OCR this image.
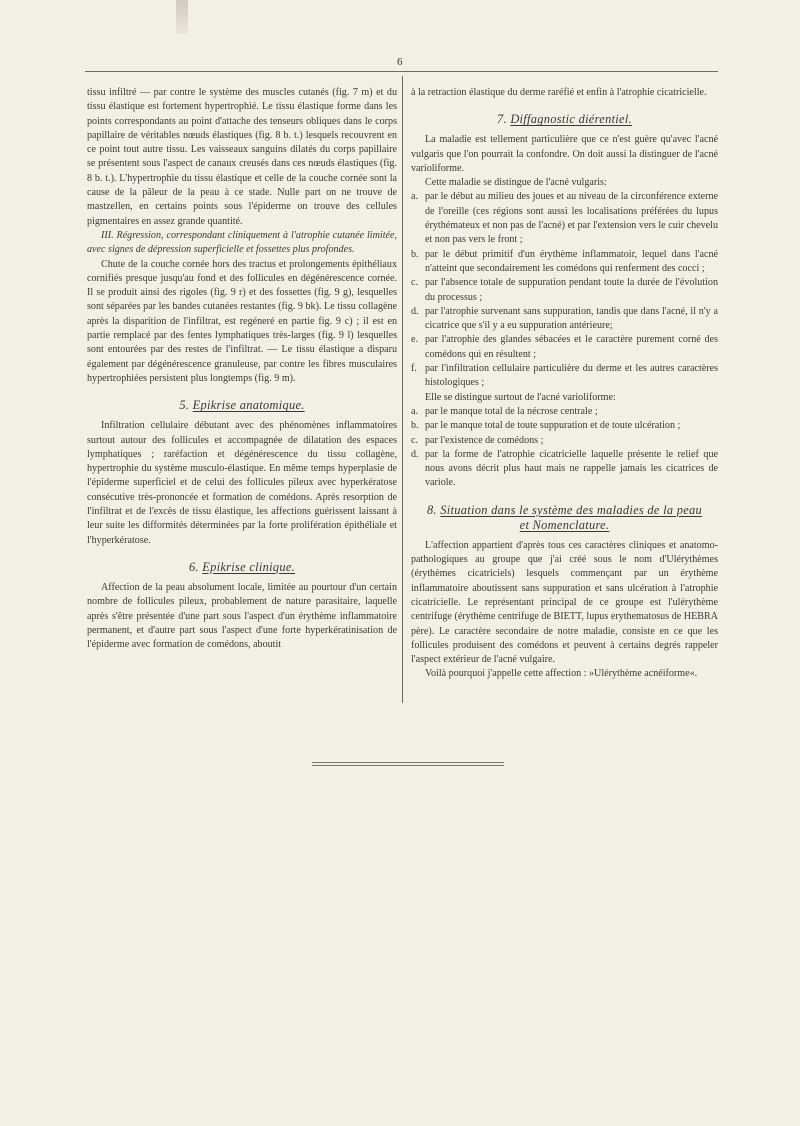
6

tissu infiltré — par contre le système des muscles cutanés (fig. 7 m) et du tissu élastique est fortement hypertrophié. Le tissu élastique forme dans les points correspondants au point d'attache des tenseurs obliques dans le corps papillaire de véritables nœuds élastiques (fig. 8 b. t.) lesquels recouvrent en ce point tout autre tissu. Les vaisseaux sanguins dilatés du corps papillaire se présentent sous l'aspect de canaux creusés dans ces nœuds élastiques (fig. 8 b. t.). L'hypertrophie du tissu élastique et celle de la couche cornée sont la cause de la pâleur de la peau à ce stade. Nulle part on ne trouve de mastzellen, en certains points sous l'épiderme on trouve des cellules pigmentaires en assez grande quantité.

III. Régression, correspondant cliniquement à l'atrophie cutanée limitée, avec signes de dépression superficielle et fossettes plus profondes.

Chute de la couche cornée hors des tractus et prolongements épithéliaux cornifiés presque jusqu'au fond et des follicules en dégénérescence cornée. Il se produit ainsi des rigoles (fig. 9 r) et des fossettes (fig. 9 g), lesquelles sont séparées par les bandes cutanées restantes (fig. 9 bk). Le tissu collagène après la disparition de l'infiltrat, est regéneré en partie fig. 9 c) ; il est en partie remplacé par des fentes lymphatiques très-larges (fig. 9 l) lesquelles sont entourées par des restes de l'infiltrat. — Le tissu élastique a disparu également par dégénérescence granuleuse, par contre les fibres musculaires hypertrophiées persistent plus longtemps (fig. 9 m).

5. Epikrise anatomique.

Infiltration cellulaire débutant avec des phénomènes inflammatoires surtout autour des follicules et accompagnée de dilatation des espaces lymphatiques ; raréfaction et dégénérescence du tissu collagène, hypertrophie du système musculo-élastique. En même temps hyperplasie de l'épiderme superficiel et de celui des follicules pileux avec hyperkératose consécutive très-prononcée et formation de comédons. Après resorption de l'infiltrat et de l'excès de tissu élastique, les affections guérissent laissant à leur suite les difformités déterminées par la forte prolifération épithéliale et l'hyperkératose.

6. Epikrise clinique.

Affection de la peau absolument locale, limitée au pourtour d'un certain nombre de follicules pileux, probablement de nature parasitaire, laquelle après s'être présentée d'une part sous l'aspect d'un érythème inflammatoire permanent, et d'autre part sous l'aspect d'une forte hyperkératinisation de l'épiderme avec formation de comédons, aboutit

à la retraction élastique du derme raréfié et enfin à l'atrophie cicatricielle.

7. Diffagnostic diérentiel.

La maladie est tellement particulière que ce n'est guère qu'avec l'acné vulgaris que l'on pourrait la confondre. On doit aussi la distinguer de l'acné varioliforme.

Cette maladie se distingue de l'acné vulgaris:

a. par le début au milieu des joues et au niveau de la circonférence externe de l'oreille (ces régions sont aussi les localisations préférées du lupus érythémateux et non pas de l'acné) et par l'extension vers le cuir chevelu et non pas vers le front ;
b. par le début primitif d'un érythème inflammatoir, lequel dans l'acné n'atteint que secondairement les comédons qui renferment des cocci ;
c. par l'absence totale de suppuration pendant toute la durée de l'évolution du processus ;
d. par l'atrophie survenant sans suppuration, tandis que dans l'acné, il n'y a cicatrice que s'il y a eu suppuration antérieure;
e. par l'atrophie des glandes sébacées et le caractère purement corné des comédons qui en résultent ;
f. par l'infiltration cellulaire particulière du derme et les autres caractères histologiques ;

Elle se distingue surtout de l'acné varioliforme:

a. par le manque total de la nécrose centrale ;
b. par le manque total de toute suppuration et de toute ulcération ;
c. par l'existence de comédons ;
d. par la forme de l'atrophie cicatricielle laquelle présente le relief que nous avons décrit plus haut mais ne rappelle jamais les cicatrices de variole.
8. Situation dans le système des maladies de la peau
et Nomenclature.

L'affection appartient d'après tous ces caractères cliniques et anatomo-pathologiques au groupe que j'ai créé sous le nom d'Ulérythèmes (érythèmes cicatriciels) lesquels commençant par un érythème inflammatoire aboutissent sans suppuration et sans ulcération à l'atrophie cicatricielle. Le représentant principal de ce groupe est l'ulérythème centrifuge (érythème centrifuge de BIETT, lupus erythematosus de HEBRA père). Le caractère secondaire de notre maladie, consiste en ce que les follicules produisent des comédons et peuvent à certains degrés rappeler l'aspect extérieur de l'acné vulgaire.

Voilà pourquoi j'appelle cette affection : »Ulérythème acnéiforme«.
